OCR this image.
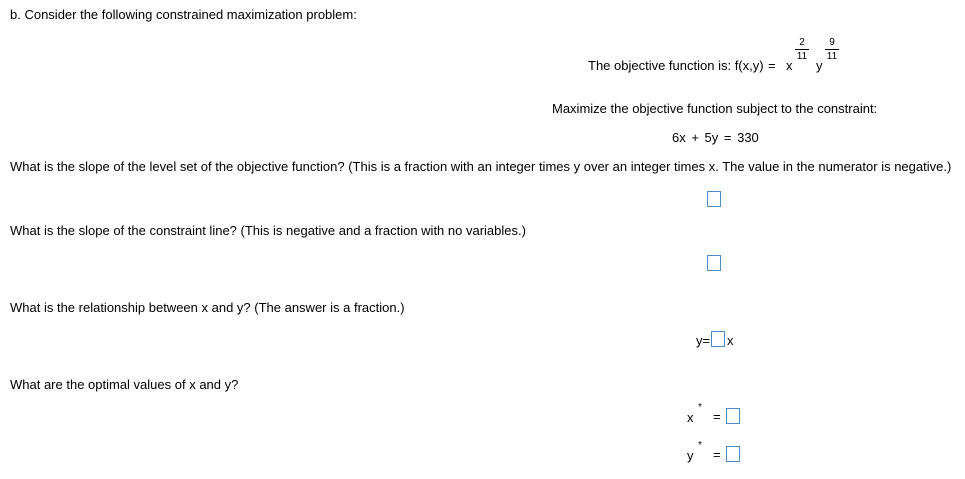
b. Consider the following constrained maximization problem:
The objective function is: f(x,y) = x
2
11
y
9
11
Maximize the objective function subject to the constraint:
6x + 5y = 330
What is the slope of the level set of the objective function? (This is a fraction with an integer times y over an integer times x. The value in the numerator is negative.)
What is the slope of the constraint line? (This is negative and a fraction with no variables.)
What is the relationship between x and y? (The answer is a fraction.)
y= x
What are the optimal values of x and y?
x
*
=
y
*
=
